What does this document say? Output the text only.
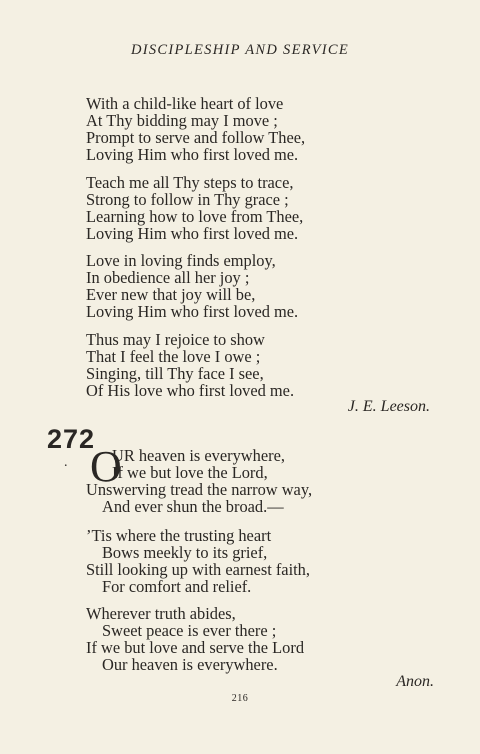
DISCIPLESHIP AND SERVICE
With a child-like heart of love
At Thy bidding may I move ;
Prompt to serve and follow Thee,
Loving Him who first loved me.
Teach me all Thy steps to trace,
Strong to follow in Thy grace ;
Learning how to love from Thee,
Loving Him who first loved me.
Love in loving finds employ,
In obedience all her joy ;
Ever new that joy will be,
Loving Him who first loved me.
Thus may I rejoice to show
That I feel the love I owe ;
Singing, till Thy face I see,
Of His love who first loved me.
J. E. Leeson.
272
. O
UR heaven is everywhere,
If we but love the Lord,
Unswerving tread the narrow way,
And ever shun the broad.—
’Tis where the trusting heart
Bows meekly to its grief,
Still looking up with earnest faith,
For comfort and relief.
Wherever truth abides,
Sweet peace is ever there ;
If we but love and serve the Lord
Our heaven is everywhere.
Anon.
216
